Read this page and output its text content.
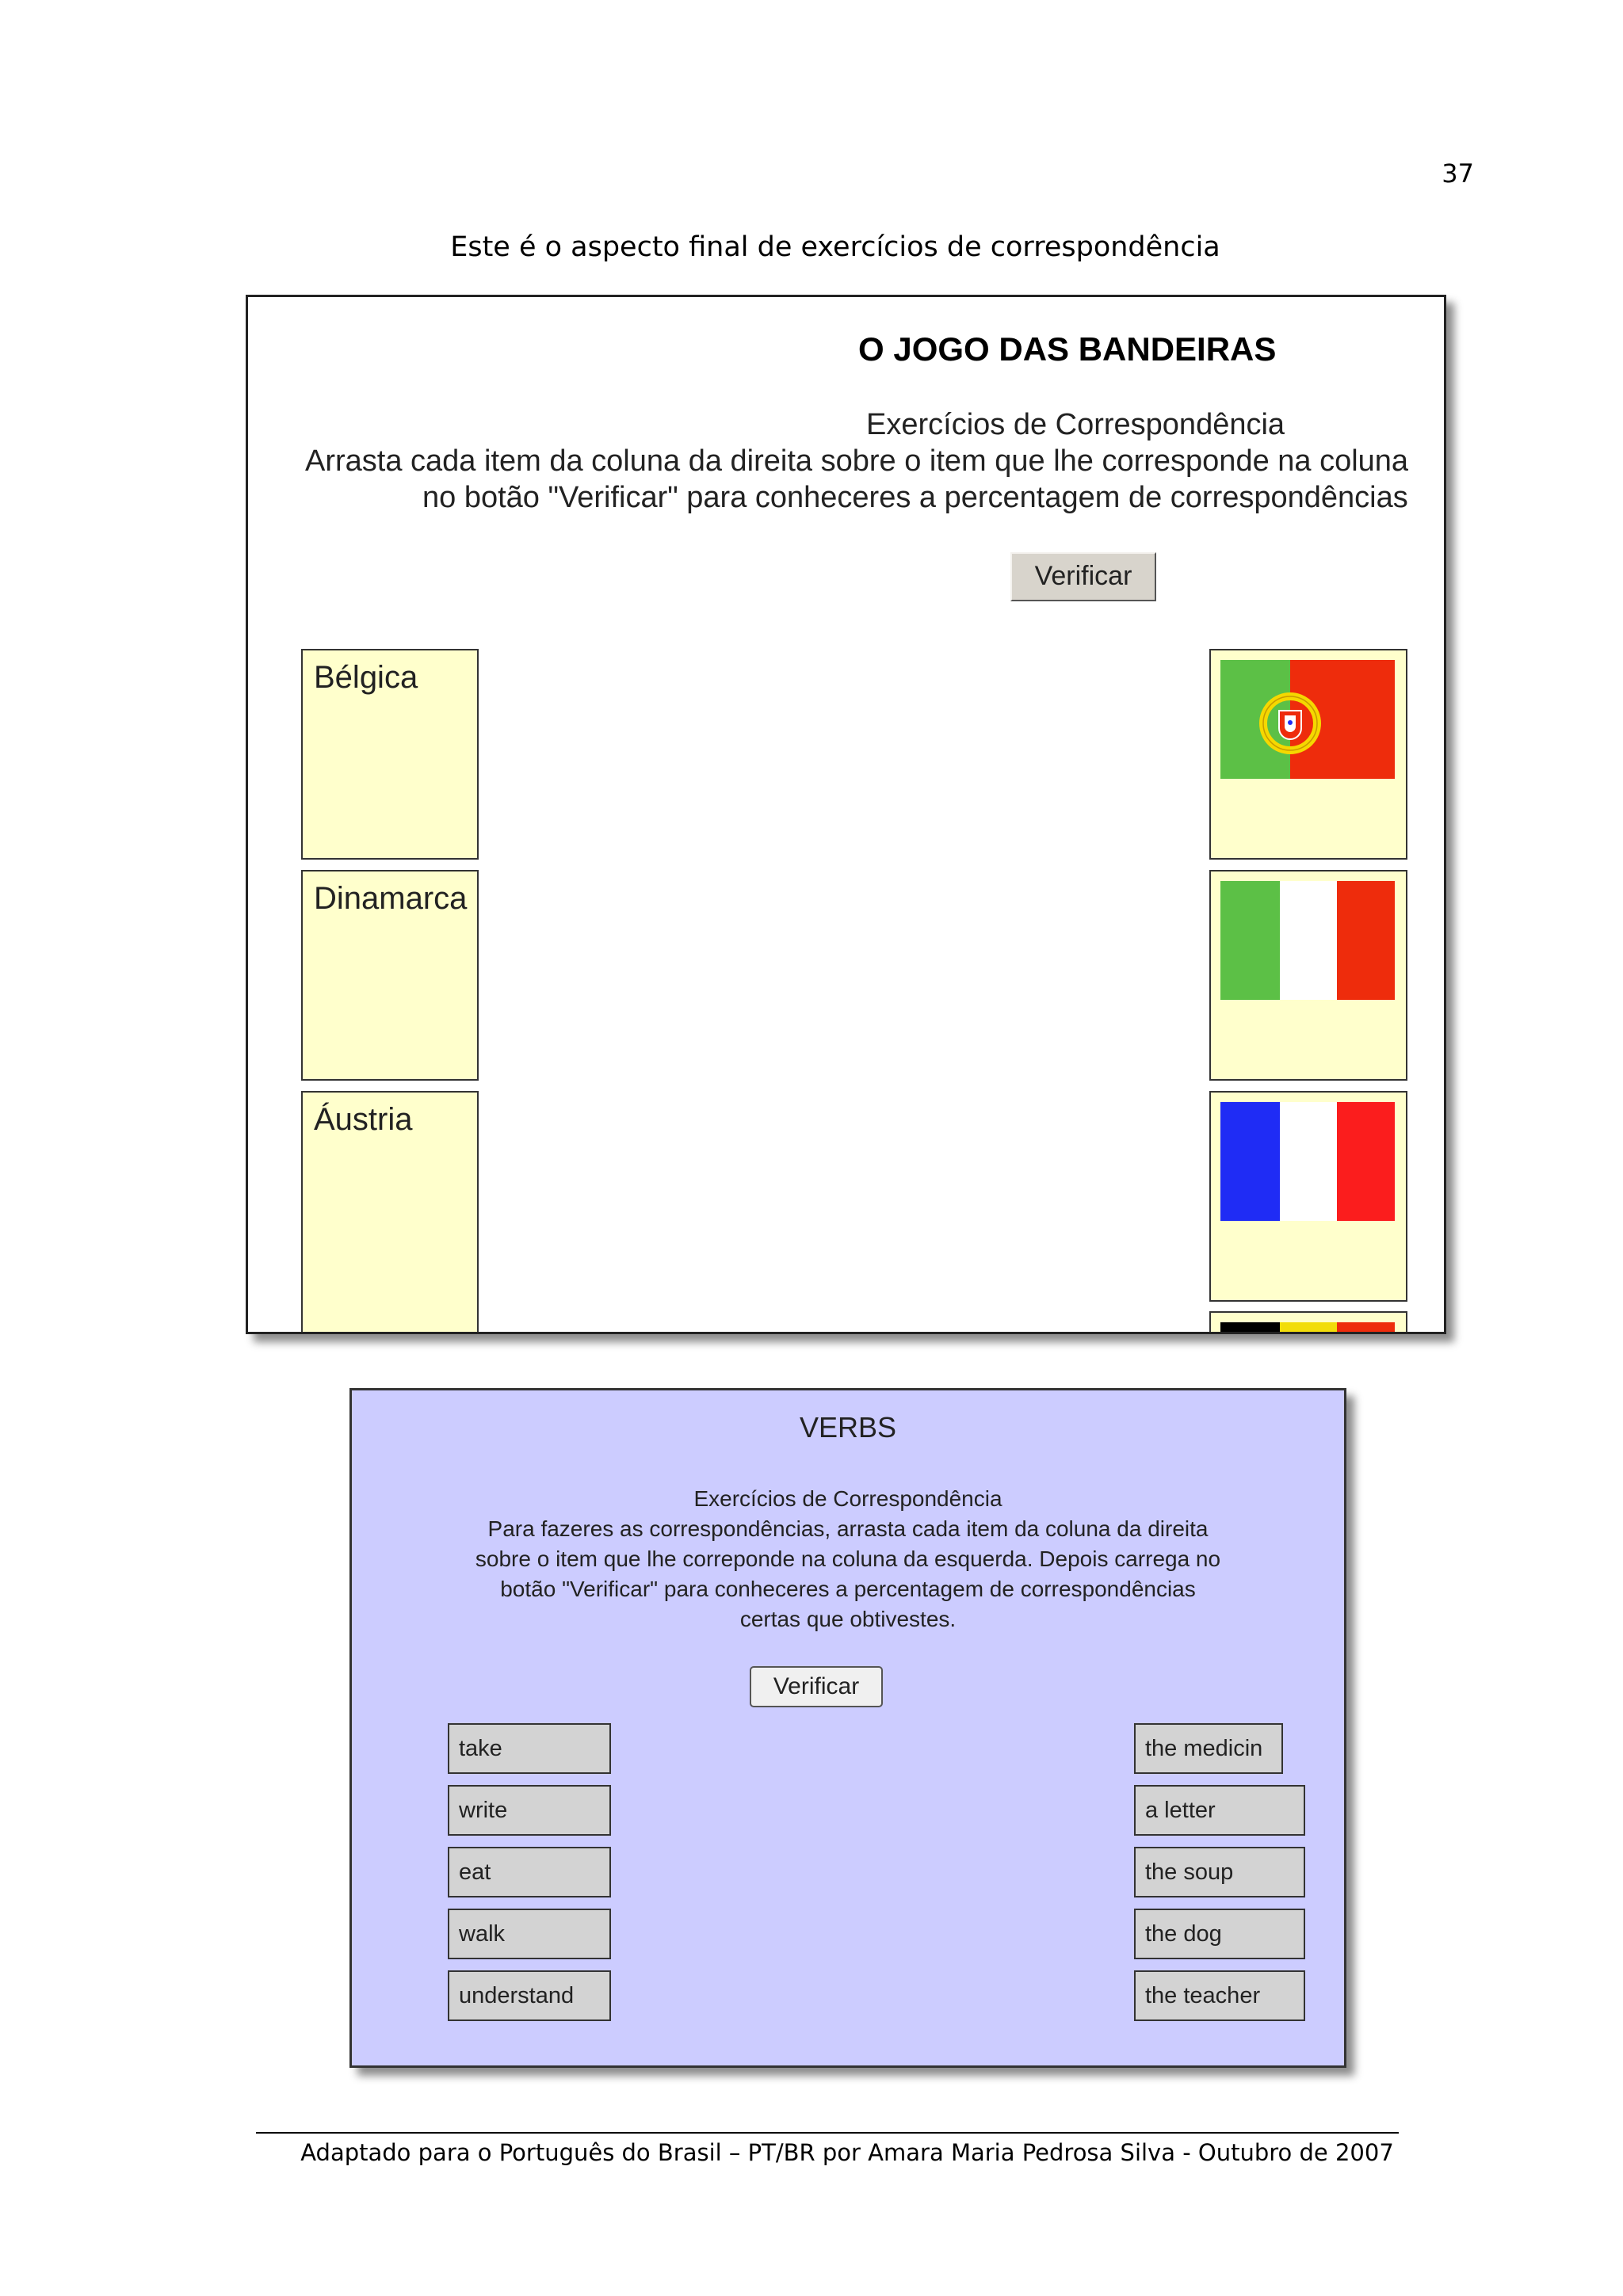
37
Este é o aspecto final de exercícios de correspondência
O JOGO DAS BANDEIRAS
Exercícios de Correspondência
Arrasta cada item da coluna da direita sobre o item que lhe corresponde na coluna
no botão "Verificar" para conheceres a percentagem de correspondências
Verificar
Bélgica
Dinamarca
Áustria
VERBS
Exercícios de Correspondência
Para fazeres as correspondências, arrasta cada item da coluna da direita
sobre o item que lhe correponde na coluna da esquerda. Depois carrega no
botão "Verificar" para conheceres a percentagem de correspondências
certas que obtivestes.
Verificar
take
write
eat
walk
understand
the medicin
a letter
the soup
the dog
the teacher
Adaptado para o Português do Brasil – PT/BR por Amara Maria Pedrosa Silva - Outubro de 2007
